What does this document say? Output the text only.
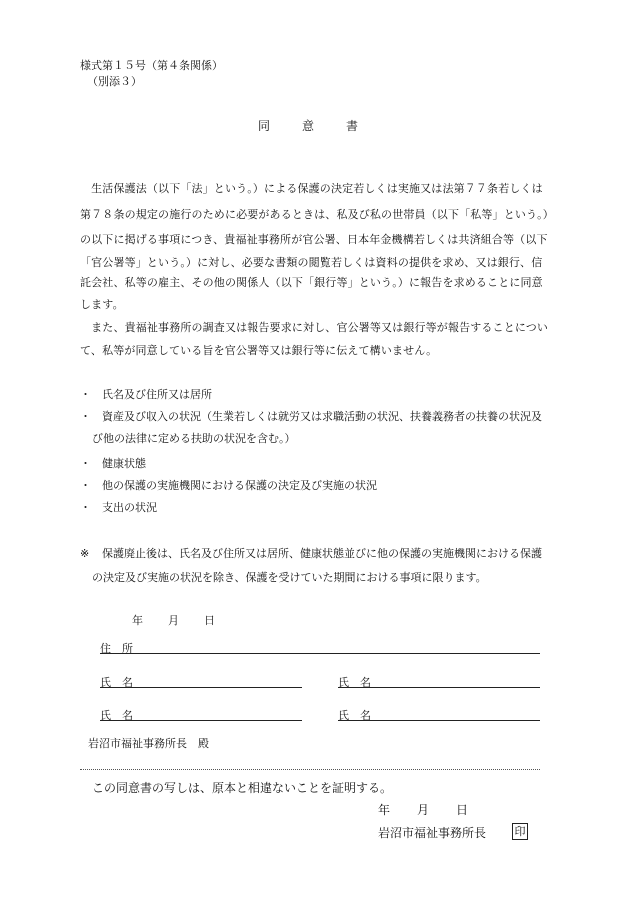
様式第１５号（第４条関係）
（別添３）
同	意	書
　生活保護法（以下「法」という。）による保護の決定若しくは実施又は法第７７条若しくは
第７８条の規定の施行のために必要があるときは、私及び私の世帯員（以下「私等」という。）
の以下に掲げる事項につき、貴福祉事務所が官公署、日本年金機構若しくは共済組合等（以下
「官公署等」という。）に対し、必要な書類の閲覧若しくは資料の提供を求め、又は銀行、信
託会社、私等の雇主、その他の関係人（以下「銀行等」という。）に報告を求めることに同意
します。
　また、貴福祉事務所の調査又は報告要求に対し、官公署等又は銀行等が報告することについ
て、私等が同意している旨を官公署等又は銀行等に伝えて構いません。
・ 氏名及び住所又は居所
・ 資産及び収入の状況（生業若しくは就労又は求職活動の状況、扶養義務者の扶養の状況及
び他の法律に定める扶助の状況を含む。）
・ 健康状態
・ 他の保護の実施機関における保護の決定及び実施の状況
・ 支出の状況
※ 保護廃止後は、氏名及び住所又は居所、健康状態並びに他の保護の実施機関における保護
の決定及び実施の状況を除き、保護を受けていた期間における事項に限ります。
年　　月　　日
住　所
氏　名	氏　名
氏　名	氏　名
岩沼市福祉事務所長　殿
この同意書の写しは、原本と相違ないことを証明する。
年　　月　　日
岩沼市福祉事務所長	印
